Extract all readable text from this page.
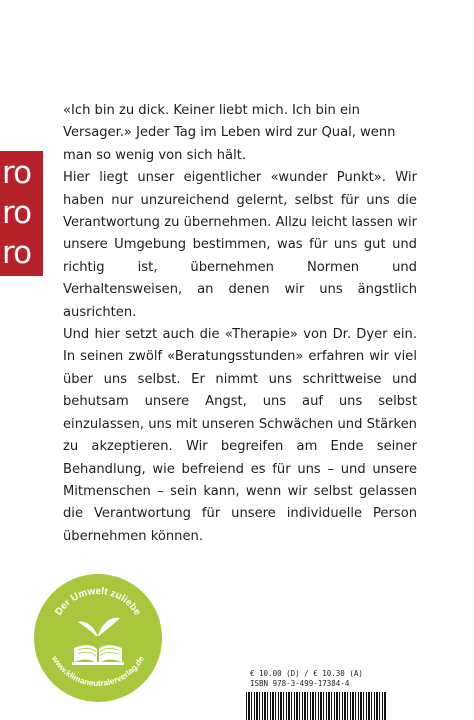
ro
ro
ro

«Ich bin zu dick. Keiner liebt mich. Ich bin ein Versager.» Jeder Tag im Leben wird zur Qual, wenn man so wenig von sich hält.

Hier liegt unser eigentlicher «wunder Punkt». Wir haben nur unzureichend gelernt, selbst für uns die Verantwortung zu übernehmen. Allzu leicht lassen wir unsere Umgebung bestimmen, was für uns gut und richtig ist, übernehmen Normen und Verhaltensweisen, an denen wir uns ängstlich ausrichten.

Und hier setzt auch die «Therapie» von Dr. Dyer ein. In seinen zwölf «Beratungsstunden» erfahren wir viel über uns selbst. Er nimmt uns schrittweise und behutsam unsere Angst, uns auf uns selbst einzulassen, uns mit unseren Schwächen und Stärken zu akzeptieren. Wir begreifen am Ende seiner Behandlung, wie befreiend es für uns – und unsere Mitmenschen – sein kann, wenn wir selbst gelassen die Verantwortung für unsere individuelle Person übernehmen können.

Der Umwelt zuliebe
www.klimaneutralerverlag.de
€ 10.00 (D) / € 10.30 (A)
ISBN 978-3-499-17384-4
